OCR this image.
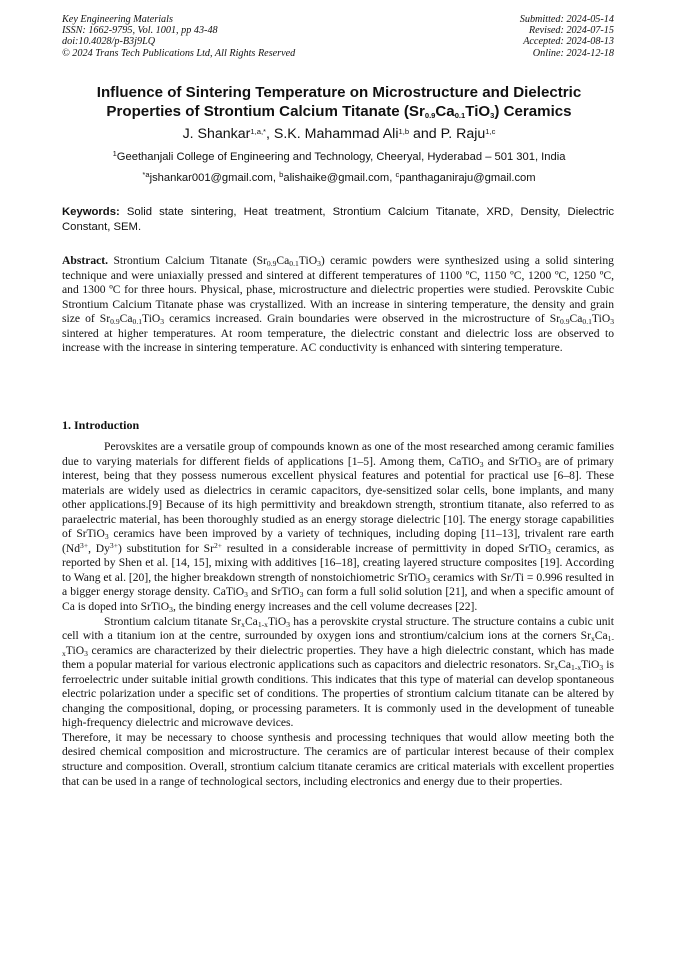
Key Engineering Materials
ISSN: 1662-9795, Vol. 1001, pp 43-48
doi:10.4028/p-B3j9LQ
© 2024 Trans Tech Publications Ltd, All Rights Reserved
Submitted: 2024-05-14
Revised: 2024-07-15
Accepted: 2024-08-13
Online: 2024-12-18
Influence of Sintering Temperature on Microstructure and Dielectric
Properties of Strontium Calcium Titanate $(Sr_{0.9}Ca_{0.1}TiO_3)$ Ceramics
J. Shankar$^{1,a,*}$, S.K. Mahammad Ali$^{1,b}$ and P. Raju$^{1,c}$
$^1$Geethanjali College of Engineering and Technology, Cheeryal, Hyderabad – 501 301, India
$^{*a}$jshankar001@gmail.com, $^b$alishaike@gmail.com, $^c$panthaganiraju@gmail.com
Keywords: Solid state sintering, Heat treatment, Strontium Calcium Titanate, XRD, Density, Dielectric Constant, SEM.
Abstract. Strontium Calcium Titanate $(Sr_{0.9}Ca_{0.1}TiO_3)$ ceramic powders were synthesized using a solid sintering technique and were uniaxially pressed and sintered at different temperatures of 1100 ºC, 1150 ºC, 1200 ºC, 1250 ºC, and 1300 ºC for three hours. Physical, phase, microstructure and dielectric properties were studied. Perovskite Cubic Strontium Calcium Titanate phase was crystallized. With an increase in sintering temperature, the density and grain size of $Sr_{0.9}Ca_{0.1}TiO_3$ ceramics increased. Grain boundaries were observed in the microstructure of $Sr_{0.9}Ca_{0.1}TiO_3$ sintered at higher temperatures. At room temperature, the dielectric constant and dielectric loss are observed to increase with the increase in sintering temperature. AC conductivity is enhanced with sintering temperature.
1. Introduction

Perovskites are a versatile group of compounds known as one of the most researched among ceramic families due to varying materials for different fields of applications [1–5]. Among them, CaTiO$_3$ and SrTiO$_3$ are of primary interest, being that they possess numerous excellent physical features and potential for practical use [6–8]. These materials are widely used as dielectrics in ceramic capacitors, dye-sensitized solar cells, bone implants, and many other applications.[9] Because of its high permittivity and breakdown strength, strontium titanate, also referred to as paraelectric material, has been thoroughly studied as an energy storage dielectric [10]. The energy storage capabilities of SrTiO$_3$ ceramics have been improved by a variety of techniques, including doping [11–13], trivalent rare earth ($Nd^{3+}$, $Dy^{3+}$) substitution for $Sr^{2+}$ resulted in a considerable increase of permittivity in doped SrTiO$_3$ ceramics, as reported by Shen et al. [14, 15], mixing with additives [16–18], creating layered structure composites [19]. According to Wang et al. [20], the higher breakdown strength of nonstoichiometric SrTiO$_3$ ceramics with Sr/Ti = 0.996 resulted in a bigger energy storage density. CaTiO$_3$ and SrTiO$_3$ can form a full solid solution [21], and when a specific amount of Ca is doped into SrTiO$_3$, the binding energy increases and the cell volume decreases [22].

Strontium calcium titanate $Sr_xCa_{1-x}TiO_3$ has a perovskite crystal structure. The structure contains a cubic unit cell with a titanium ion at the centre, surrounded by oxygen ions and strontium/calcium ions at the corners $Sr_xCa_{1-x}TiO_3$ ceramics are characterized by their dielectric properties. They have a high dielectric constant, which has made them a popular material for various electronic applications such as capacitors and dielectric resonators. $Sr_xCa_{1-x}TiO_3$ is ferroelectric under suitable initial growth conditions. This indicates that this type of material can develop spontaneous electric polarization under a specific set of conditions. The properties of strontium calcium titanate can be altered by changing the compositional, doping, or processing parameters. It is commonly used in the development of tuneable high-frequency dielectric and microwave devices.

Therefore, it may be necessary to choose synthesis and processing techniques that would allow meeting both the desired chemical composition and microstructure. The ceramics are of particular interest because of their complex structure and composition. Overall, strontium calcium titanate ceramics are critical materials with excellent properties that can be used in a range of technological sectors, including electronics and energy due to their properties.
